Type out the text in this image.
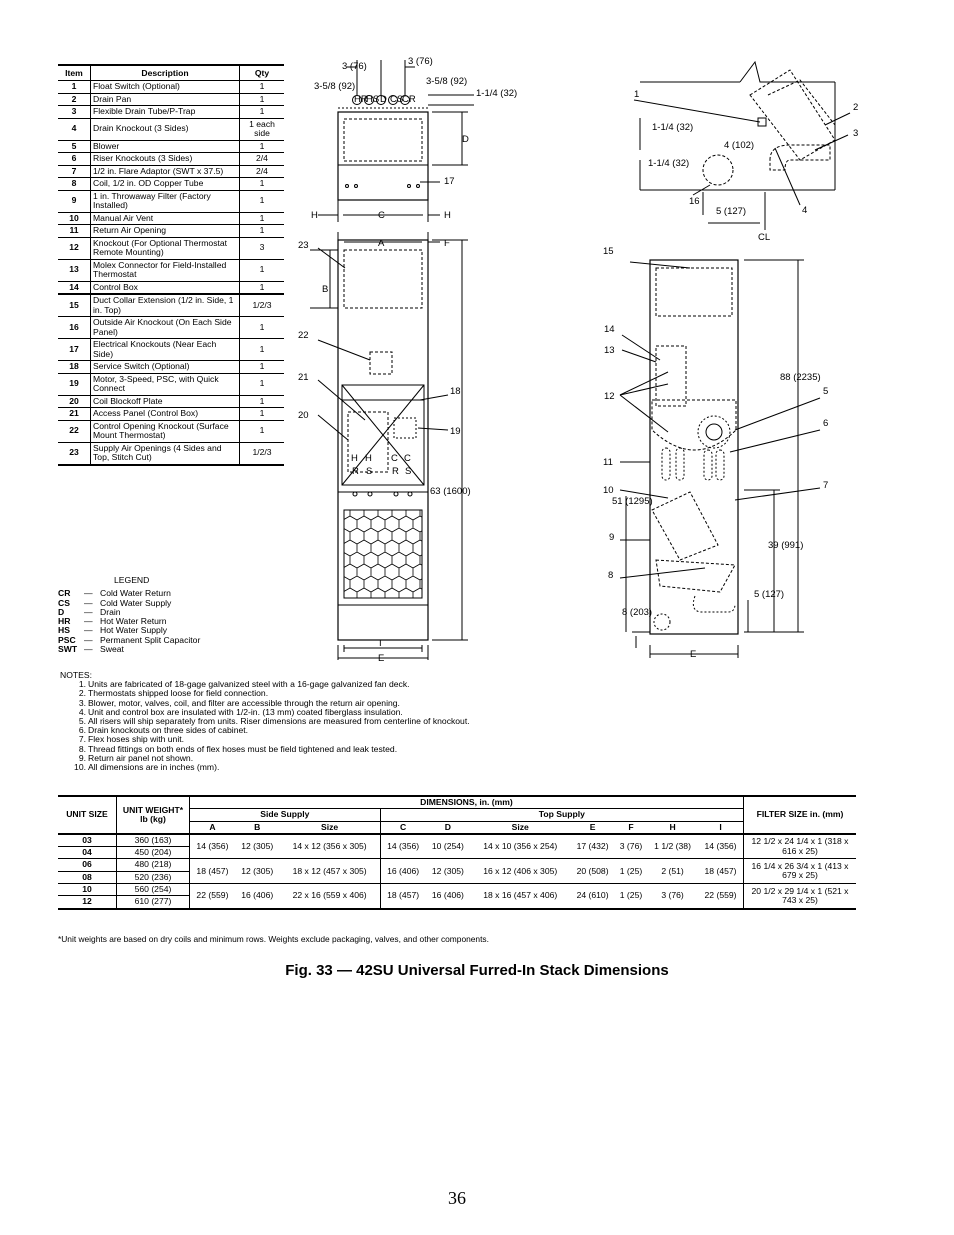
Item	Description	Qty
1	Float Switch (Optional)	1
2	Drain Pan	1
3	Flexible Drain Tube/P-Trap	1
4	Drain Knockout (3 Sides)	1 each side
5	Blower	1
6	Riser Knockouts (3 Sides)	2/4
7	1/2 in. Flare Adaptor (SWT x 37.5)	2/4
8	Coil, 1/2 in. OD Copper Tube	1
9	1 in. Throwaway Filter (Factory Installed)	1
10	Manual Air Vent	1
11	Return Air Opening	1
12	Knockout (For Optional Thermostat Remote Mounting)	3
13	Molex Connector for Field-Installed Thermostat	1
14	Control Box	1
15	Duct Collar Extension (1/2 in. Side, 1 in. Top)	1/2/3
16	Outside Air Knockout (On Each Side Panel)	1
17	Electrical Knockouts (Near Each Side)	1
18	Service Switch (Optional)	1
19	Motor, 3-Speed, PSC, with Quick Connect	1
20	Coil Blockoff Plate	1
21	Access Panel (Control Box)	1
22	Control Opening Knockout (Surface Mount Thermostat)	1
23	Supply Air Openings (4 Sides and Top, Stitch Cut)	1/2/3
LEGEND
CR	— Cold Water Return
CS	— Cold Water Supply
D	— Drain
HR	— Hot Water Return
HS	— Hot Water Supply
PSC — Permanent Split Capacitor
SWT — Sweat
NOTES:
1. Units are fabricated of 18-gage galvanized steel with a 16-gage galvanized fan deck.
2. Thermostats shipped loose for field connection.
3. Blower, motor, valves, coil, and filter are accessible through the return air opening.
4. Unit and control box are insulated with 1/2-in. (13 mm) coated fiberglass insulation.
5. All risers will ship separately from units. Riser dimensions are measured from centerline of knockout.
6. Drain knockouts on three sides of cabinet.
7. Flex hoses ship with unit.
8. Thread fittings on both ends of flex hoses must be field tightened and leak tested.
9. Return air panel not shown.
10. All dimensions are in inches (mm).
3 (76)	3 (76)
3-5/8 (92)	3-5/8 (92)
1-1/4 (32)
D
17
H	C	H
HR
HS D CS
CR
A	F
B
23
22
21
20
18
19
63 (1600)
I
E
H
R
H
S
C
R
C
S
1
2
3
4 (102)
4
16
1-1/4 (32)
1-1/4 (32)
5 (127)
CL
15
14
13
12
11
10
9
8
5
6
7
88 (2235)
51 (1295)
39 (991)
5 (127)
8 (203)
E
UNIT SIZE	UNIT WEIGHT* lb (kg)	DIMENSIONS, in. (mm)										FILTER SIZE in. (mm)
		Side Supply			Top Supply							
		A	B	Size	C	D	Size	E	F	H	I	
03	360 (163)	14 (356)	12 (305)	14 x 12 (356 x 305)	14 (356)	10 (254)	14 x 10 (356 x 254)	17 (432)	3 (76)	1 1/2 (38)	14 (356)	12 1/2 x 24 1/4 x 1 (318 x 616 x 25)
04	450 (204)											
06	480 (218)	18 (457)	12 (305)	18 x 12 (457 x 305)	16 (406)	12 (305)	16 x 12 (406 x 305)	20 (508)	1 (25)	2 (51)	18 (457)	16 1/4 x 26 3/4 x 1 (413 x 679 x 25)
08	520 (236)											
10	560 (254)	22 (559)	16 (406)	22 x 16 (559 x 406)	18 (457)	16 (406)	18 x 16 (457 x 406)	24 (610)	1 (25)	3 (76)	22 (559)	20 1/2 x 29 1/4 x 1 (521 x 743 x 25)
12	610 (277)											
*Unit weights are based on dry coils and minimum rows. Weights exclude packaging, valves, and other components.
Fig. 33 — 42SU Universal Furred-In Stack Dimensions
36
